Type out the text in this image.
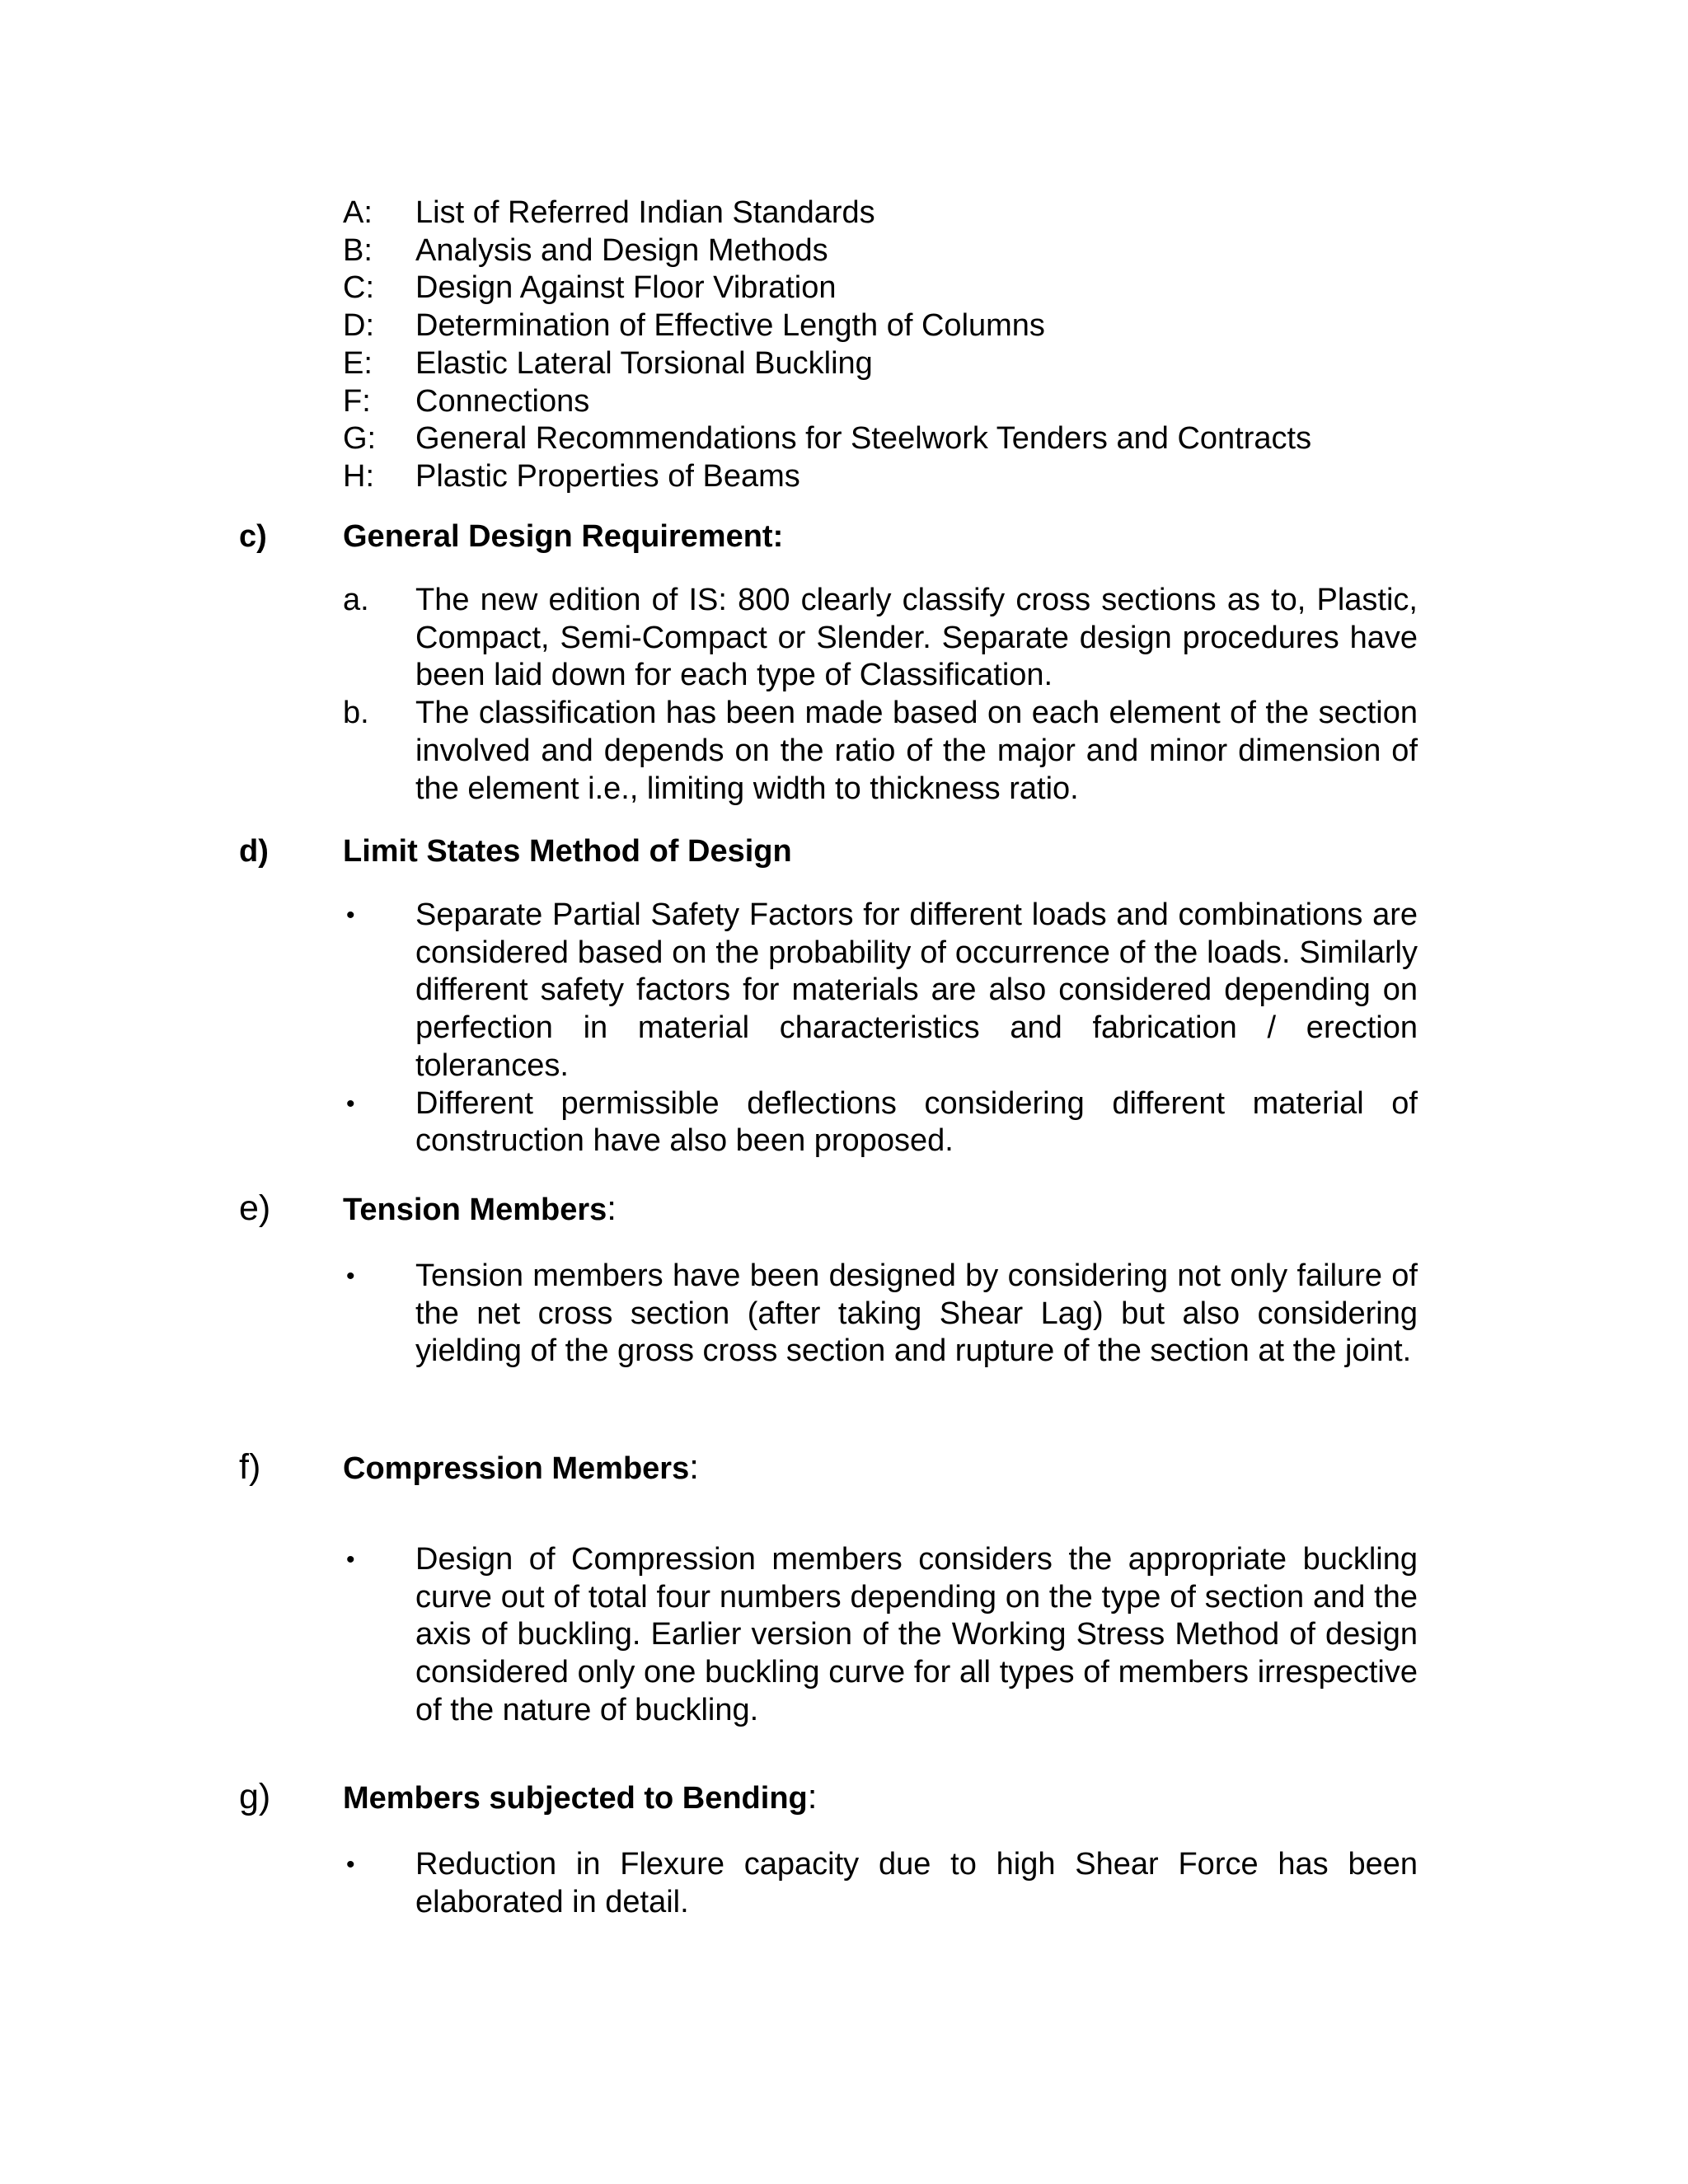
A:	List of Referred Indian Standards
B:	Analysis and Design Methods
C:	Design Against Floor Vibration
D:	Determination of Effective Length of Columns
E:	Elastic Lateral Torsional Buckling
F:	Connections
G:	General Recommendations for Steelwork Tenders and Contracts
H:	Plastic Properties of Beams
c)	General Design Requirement:
a.	The new edition of IS: 800 clearly classify cross sections as to, Plastic, Compact, Semi-Compact or Slender. Separate design procedures have been laid down for each type of Classification.
b.	The classification has been made based on each element of the section involved and depends on the ratio of the major and minor dimension of the element i.e., limiting width to thickness ratio.
d)	Limit States Method of Design
•	Separate Partial Safety Factors for different loads and combinations are considered based on the probability of occurrence of the loads. Similarly different safety factors for materials are also considered depending on perfection in material characteristics and fabrication / erection tolerances.
•	Different permissible deflections considering different material of construction have also been proposed.
e)	Tension Members:
•	Tension members have been designed by considering not only failure of the net cross section (after taking Shear Lag) but also considering yielding of the gross cross section and rupture of the section at the joint.
f)	Compression Members:
•	Design of Compression members considers the appropriate buckling curve out of total four numbers depending on the type of section and the axis of buckling. Earlier version of the Working Stress Method of design considered only one buckling curve for all types of members irrespective of the nature of buckling.
g)	Members subjected to Bending:
•	Reduction in Flexure capacity due to high Shear Force has been elaborated in detail.
